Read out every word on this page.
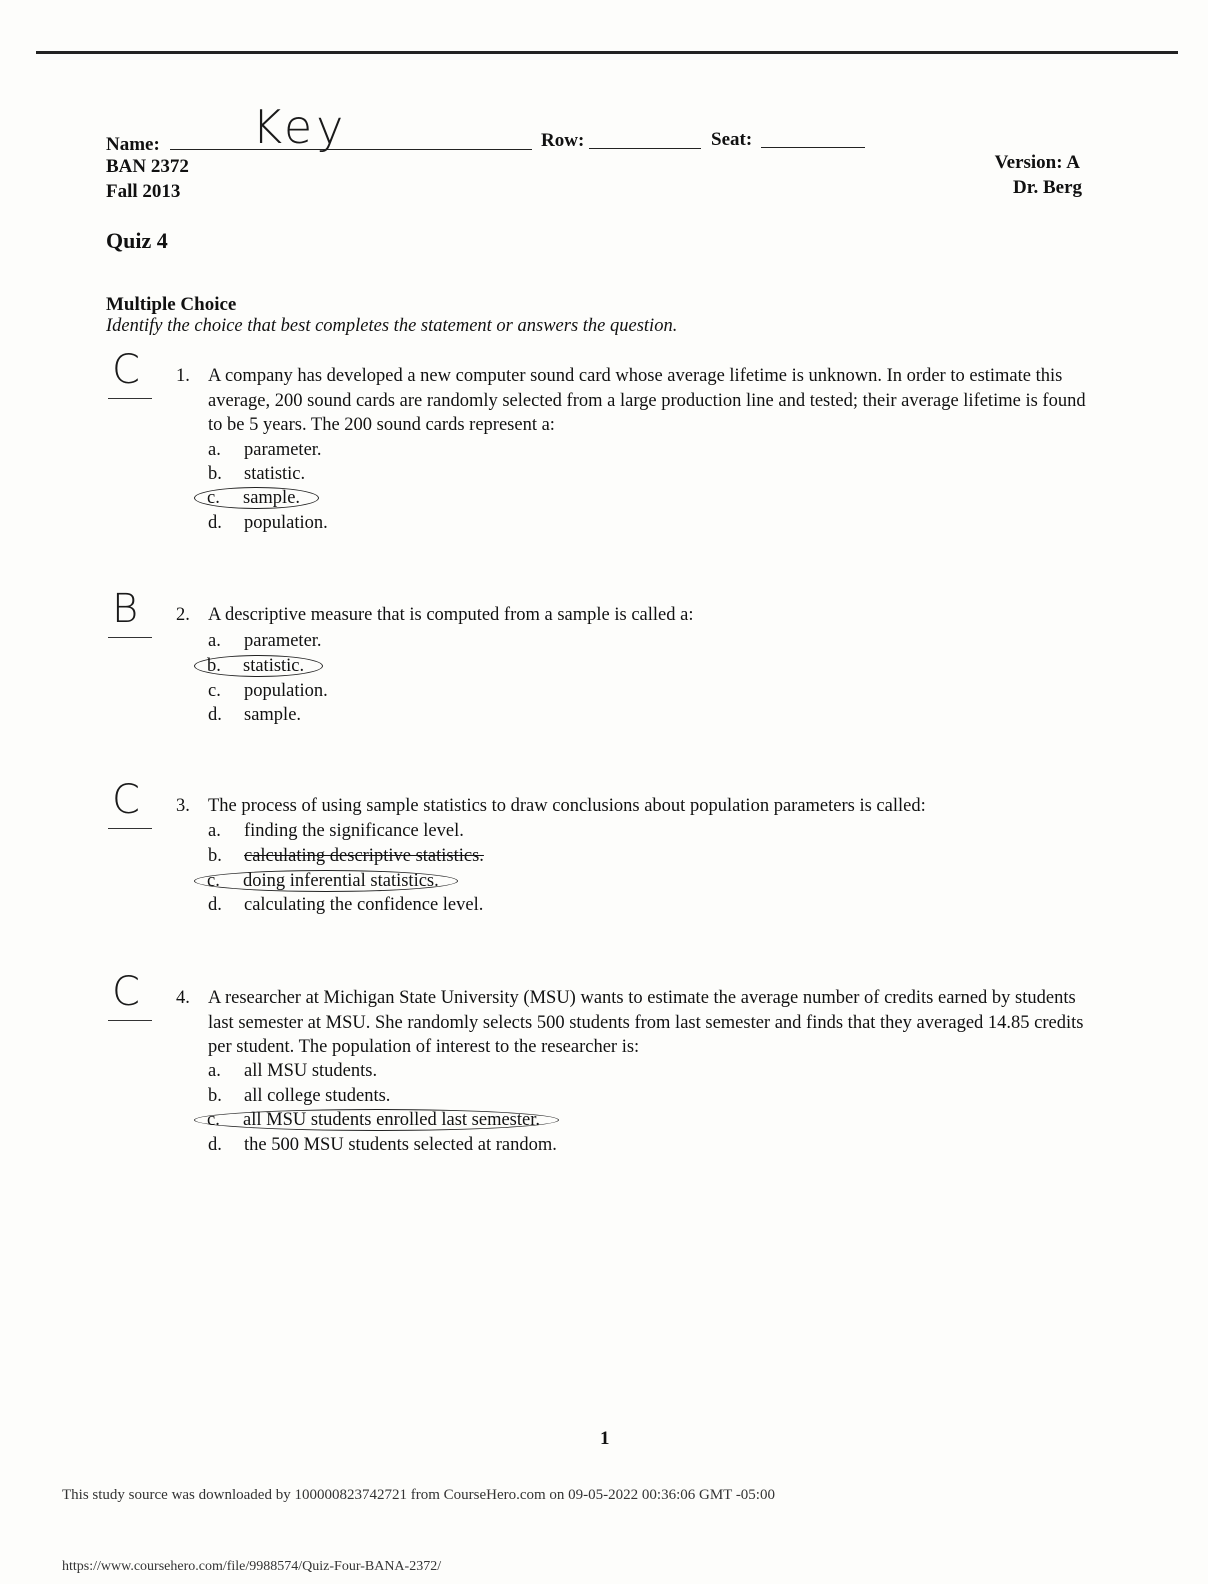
Name: Key	Row:	Seat:
BAN 2372
Fall 2013
Version: A
Dr. Berg
Quiz 4
Multiple Choice
Identify the choice that best completes the statement or answers the question.
C 1. A company has developed a new computer sound card whose average lifetime is unknown. In order to estimate this average, 200 sound cards are randomly selected from a large production line and tested; their average lifetime is found to be 5 years. The 200 sound cards represent a:
a. parameter.
b. statistic.
c. sample.
d. population.
B 2. A descriptive measure that is computed from a sample is called a:
a. parameter.
b. statistic.
c. population.
d. sample.
C 3. The process of using sample statistics to draw conclusions about population parameters is called:
a. finding the significance level.
b. calculating descriptive statistics.
c. doing inferential statistics.
d. calculating the confidence level.
C 4. A researcher at Michigan State University (MSU) wants to estimate the average number of credits earned by students last semester at MSU. She randomly selects 500 students from last semester and finds that they averaged 14.85 credits per student. The population of interest to the researcher is:
a. all MSU students.
b. all college students.
c. all MSU students enrolled last semester.
d. the 500 MSU students selected at random.
1
This study source was downloaded by 100000823742721 from CourseHero.com on 09-05-2022 00:36:06 GMT -05:00
https://www.coursehero.com/file/9988574/Quiz-Four-BANA-2372/
